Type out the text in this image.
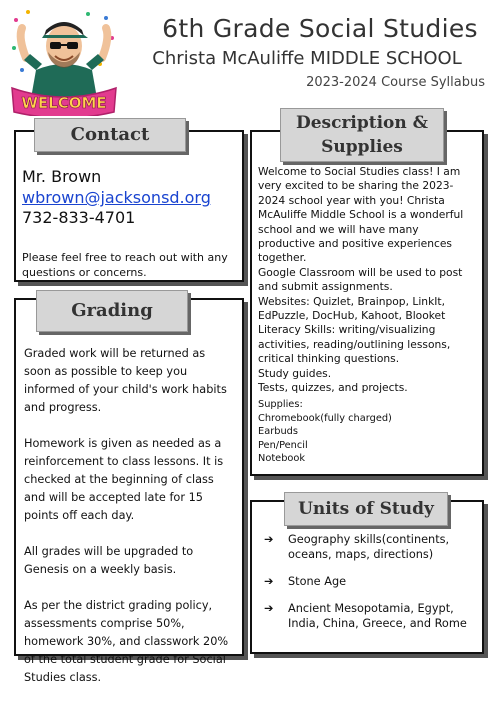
WELCOME
6th Grade Social Studies
Christa McAuliffe MIDDLE SCHOOL
2023-2024 Course Syllabus
Contact
Mr. Brown
wbrown@jacksonsd.org
732-833-4701
Please feel free to reach out with any questions or concerns.
Grading

Graded work will be returned as soon as possible to keep you informed of your child's work habits and progress.

Homework is given as needed as a reinforcement to class lessons. It is checked at the beginning of class and will be accepted late for 15 points off each day.

All grades will be upgraded to Genesis on a weekly basis.

As per the district grading policy, assessments comprise 50%, homework 30%, and classwork 20% of the total student grade for Social Studies class.

Description &
Supplies

Welcome to Social Studies class! I am very excited to be sharing the 2023-2024 school year with you! Christa McAuliffe Middle School is a wonderful school and we will have many productive and positive experiences together.

Google Classroom will be used to post and submit assignments.

Websites: Quizlet, Brainpop, LinkIt, EdPuzzle, DocHub, Kahoot, Blooket

Literacy Skills: writing/visualizing activities, reading/outlining lessons, critical thinking questions.

Study guides.

Tests, quizzes, and projects.

Supplies:
Chromebook(fully charged)
Earbuds
Pen/Pencil
Notebook
Units of Study
➔	Geography skills(continents, oceans, maps, directions)
➔	Stone Age
➔	Ancient Mesopotamia, Egypt, India, China, Greece, and Rome
